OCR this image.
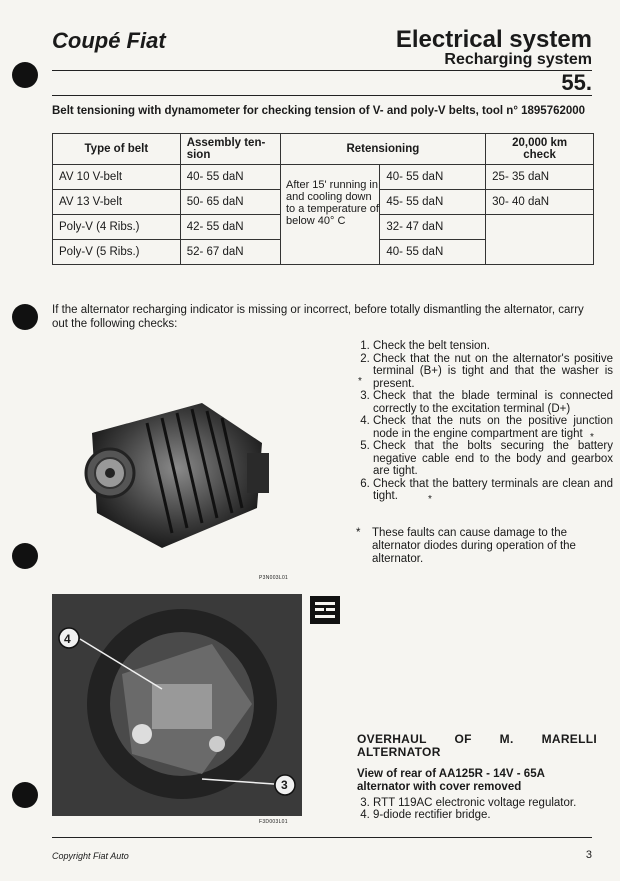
Coupé Fiat	Electrical system
Recharging system
55.
Belt tensioning with dynamometer for checking tension of V- and poly-V belts, tool n° 1895762000
Type of belt	Assembly ten-
sion	Retensioning		20,000 km
check
AV 10 V-belt	40- 55 daN		40- 55 daN	25- 35 daN
AV 13 V-belt	50- 65 daN		45- 55 daN	30- 40 daN
Poly-V (4 Ribs.)	42- 55 daN		32- 47 daN	
Poly-V (5 Ribs.)	52- 67 daN		40- 55 daN	
After 15' running in and cooling down to a temperature of below 40° C
If the alternator recharging indicator is missing or incorrect, before totally dismantling the alternator, carry out the following checks:
P3N003L01
1. Check the belt tension.
2. Check that the nut on the alternator's positive terminal (B+) is tight and that the washer is present.
3. Check that the blade terminal is connected correctly to the excitation terminal (D+)
4. Check that the nuts on the positive junction node in the engine compartment are tight
5. Check that the bolts securing the battery negative cable end to the body and gearbox are tight.
6. Check that the battery terminals are clean and tight.
*
*
*
*	These faults can cause damage to the alternator diodes during operation of the alternator.
4
3
F3D003L01
OVERHAUL OF M. MARELLI ALTERNATOR
View of rear of AA125R - 14V - 65A alternator with cover removed
3. RTT 119AC electronic voltage regulator.
4. 9-diode rectifier bridge.
Copyright Fiat Auto	3
